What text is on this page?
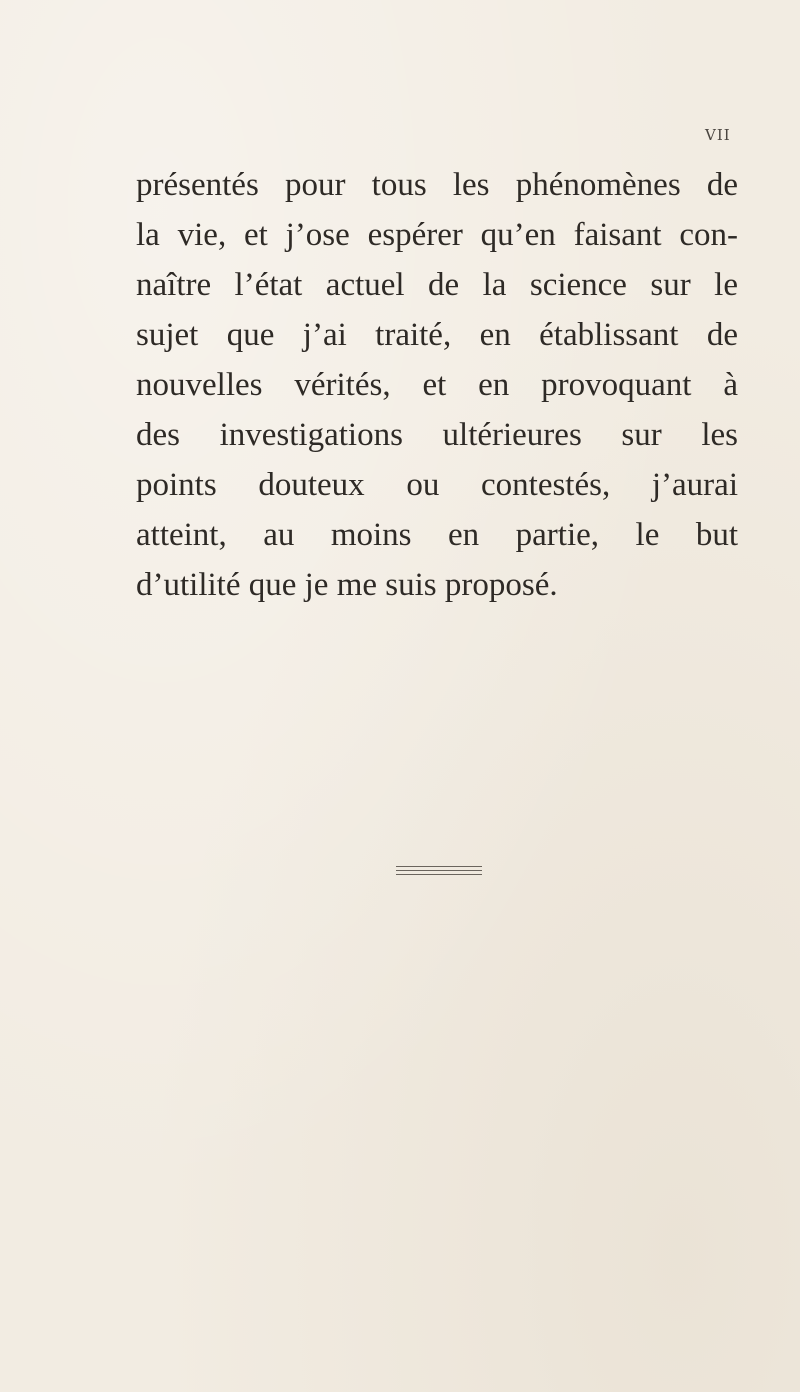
VII
présentés pour tous les phénomènes de
la vie, et j’ose espérer qu’en faisant con-
naître l’état actuel de la science sur le
sujet que j’ai traité, en établissant de
nouvelles vérités, et en provoquant à
des investigations ultérieures sur les
points douteux ou contestés, j’aurai
atteint, au moins en partie, le but
d’utilité que je me suis proposé.
